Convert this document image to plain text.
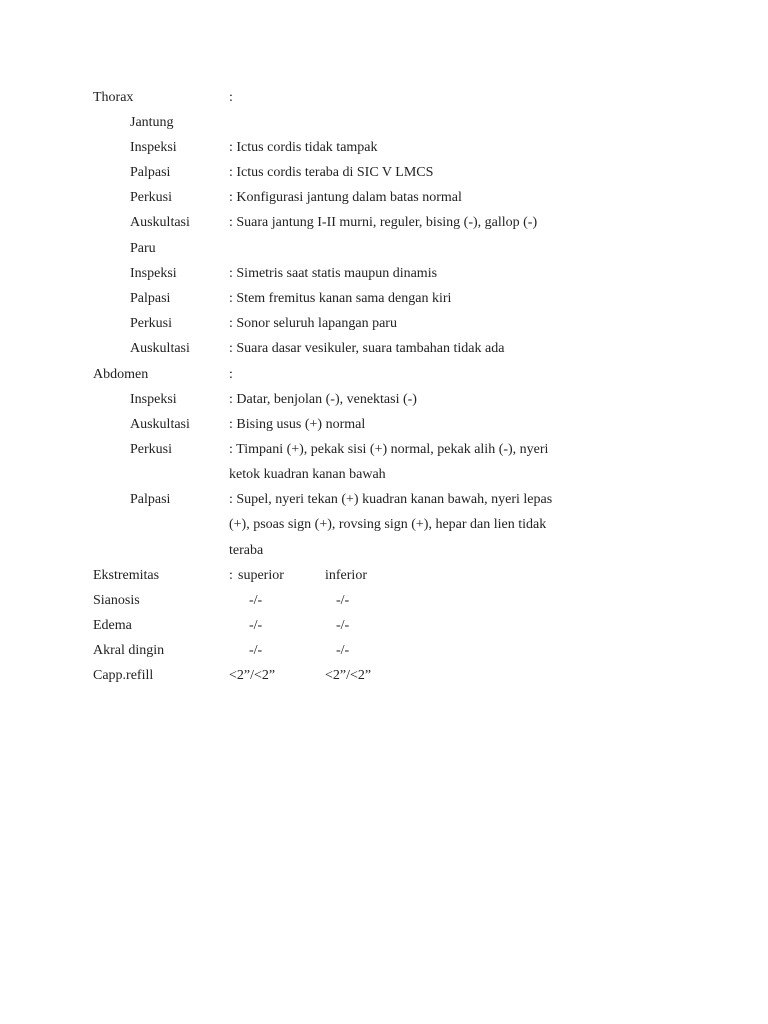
Thorax	:
Jantung
Inspeksi	: Ictus cordis tidak tampak
Palpasi	: Ictus cordis teraba di SIC V LMCS
Perkusi	: Konfigurasi jantung dalam batas normal
Auskultasi	: Suara jantung I-II murni, reguler, bising (-), gallop (-)
Paru
Inspeksi	: Simetris saat statis maupun dinamis
Palpasi	: Stem fremitus kanan sama dengan kiri
Perkusi	: Sonor seluruh lapangan paru
Auskultasi	: Suara dasar vesikuler, suara tambahan tidak ada
Abdomen	:
Inspeksi	: Datar, benjolan (-), venektasi (-)
Auskultasi	: Bising usus (+) normal
Perkusi	: Timpani (+), pekak sisi (+) normal, pekak alih (-), nyeri
ketok kuadran kanan bawah
Palpasi	: Supel, nyeri tekan (+) kuadran kanan bawah, nyeri lepas
(+), psoas sign (+), rovsing sign (+), hepar dan lien tidak
teraba
Ekstremitas	: superior	inferior
Sianosis	-/-	-/-
Edema	-/-	-/-
Akral dingin	-/-	-/-
Capp.refill	<2”/<2”	<2”/<2”
